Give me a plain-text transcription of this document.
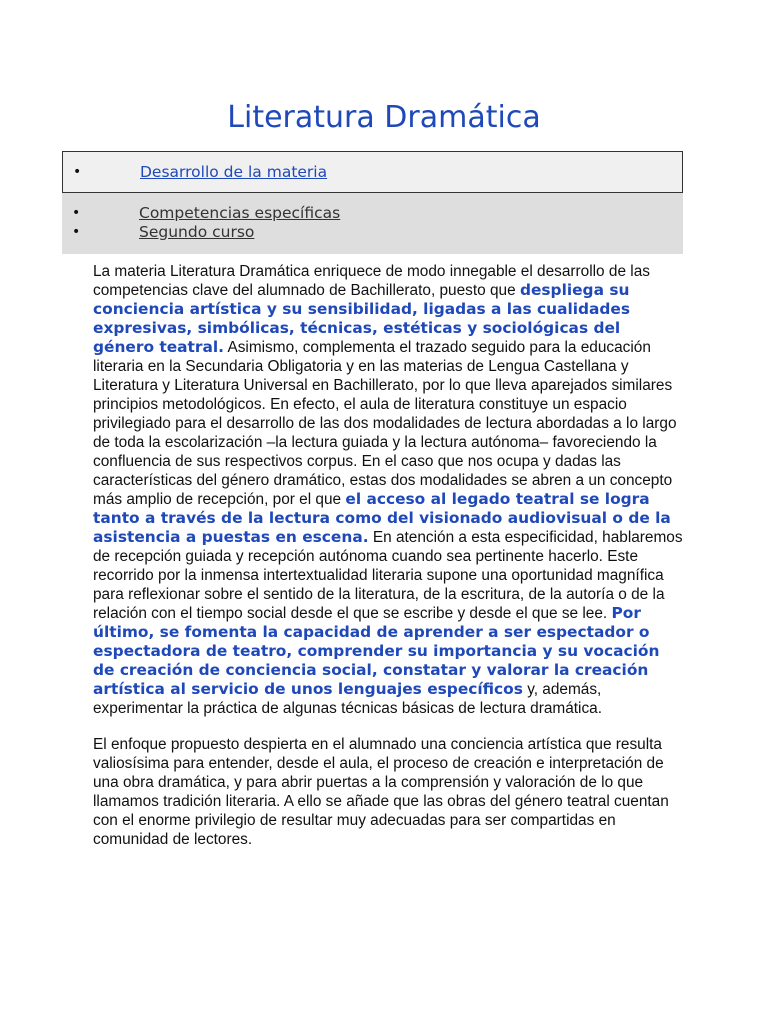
Literatura Dramática
•	Desarrollo de la materia
•	Competencias específicas
•	Segundo curso

La materia Literatura Dramática enriquece de modo innegable el desarrollo de las competencias clave del alumnado de Bachillerato, puesto que despliega su conciencia artística y su sensibilidad, ligadas a las cualidades expresivas, simbólicas, técnicas, estéticas y sociológicas del género teatral. Asimismo, complementa el trazado seguido para la educación literaria en la Secundaria Obligatoria y en las materias de Lengua Castellana y Literatura y Literatura Universal en Bachillerato, por lo que lleva aparejados similares principios metodológicos. En efecto, el aula de literatura constituye un espacio privilegiado para el desarrollo de las dos modalidades de lectura abordadas a lo largo de toda la escolarización –la lectura guiada y la lectura autónoma– favoreciendo la confluencia de sus respectivos corpus. En el caso que nos ocupa y dadas las características del género dramático, estas dos modalidades se abren a un concepto más amplio de recepción, por el que el acceso al legado teatral se logra tanto a través de la lectura como del visionado audiovisual o de la asistencia a puestas en escena. En atención a esta especificidad, hablaremos de recepción guiada y recepción autónoma cuando sea pertinente hacerlo. Este recorrido por la inmensa intertextualidad literaria supone una oportunidad magnífica para reflexionar sobre el sentido de la literatura, de la escritura, de la autoría o de la relación con el tiempo social desde el que se escribe y desde el que se lee. Por último, se fomenta la capacidad de aprender a ser espectador o espectadora de teatro, comprender su importancia y su vocación de creación de conciencia social, constatar y valorar la creación artística al servicio de unos lenguajes específicos y, además, experimentar la práctica de algunas técnicas básicas de lectura dramática.

El enfoque propuesto despierta en el alumnado una conciencia artística que resulta valiosísima para entender, desde el aula, el proceso de creación e interpretación de una obra dramática, y para abrir puertas a la comprensión y valoración de lo que llamamos tradición literaria. A ello se añade que las obras del género teatral cuentan con el enorme privilegio de resultar muy adecuadas para ser compartidas en comunidad de lectores.
